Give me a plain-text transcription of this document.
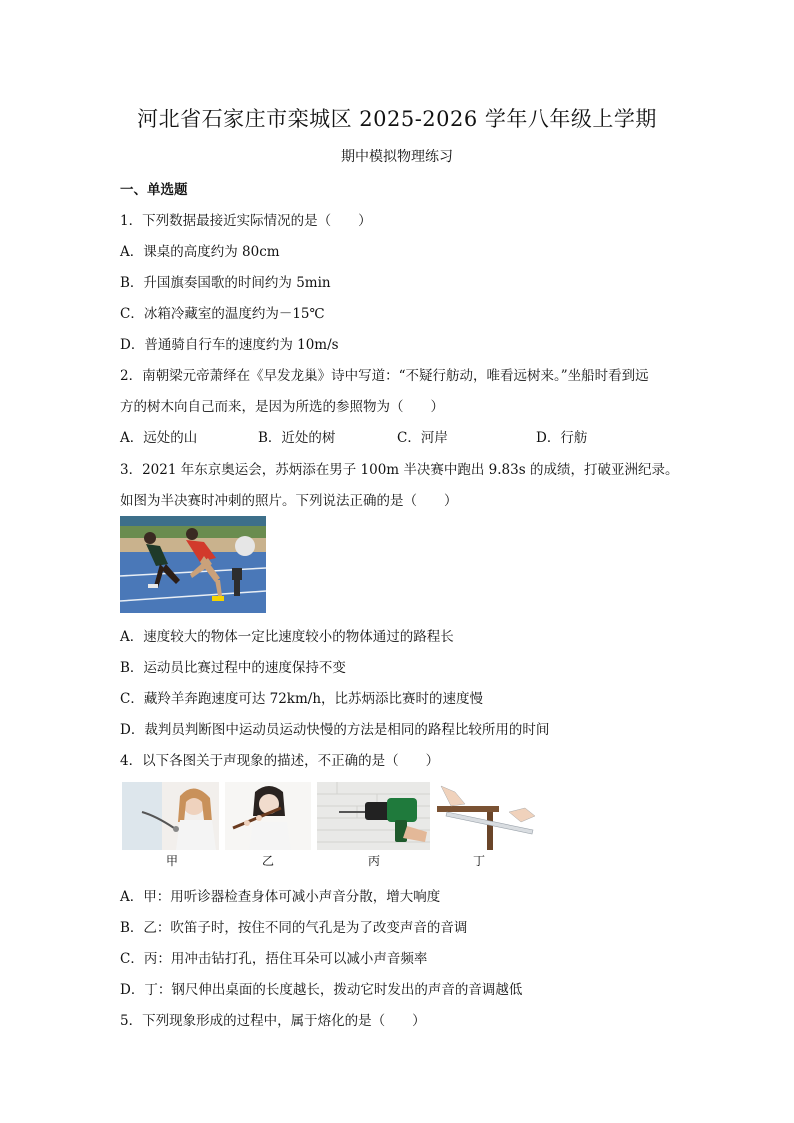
河北省石家庄市栾城区 2025-2026 学年八年级上学期
期中模拟物理练习
一、单选题
1．下列数据最接近实际情况的是（　　）
A．课桌的高度约为 80cm
B．升国旗奏国歌的时间约为 5min
C．冰箱冷藏室的温度约为－15℃
D．普通骑自行车的速度约为 10m/s
2．南朝梁元帝萧绎在《早发龙巢》诗中写道：“不疑行舫动，唯看远树来。”坐船时看到远
方的树木向自己而来，是因为所选的参照物为（　　）
A．远处的山	B．近处的树	C．河岸	D．行舫
3．2021 年东京奥运会，苏炳添在男子 100m 半决赛中跑出 9.83s 的成绩，打破亚洲纪录。
如图为半决赛时冲刺的照片。下列说法正确的是（　　）
A．速度较大的物体一定比速度较小的物体通过的路程长
B．运动员比赛过程中的速度保持不变
C．藏羚羊奔跑速度可达 72km/h，比苏炳添比赛时的速度慢
D．裁判员判断图中运动员运动快慢的方法是相同的路程比较所用的时间
4．以下各图关于声现象的描述，不正确的是（　　）
甲	乙	丙	丁
A．甲：用听诊器检查身体可减小声音分散，增大响度
B．乙：吹笛子时，按住不同的气孔是为了改变声音的音调
C．丙：用冲击钻打孔，捂住耳朵可以减小声音频率
D．丁：钢尺伸出桌面的长度越长，拨动它时发出的声音的音调越低
5．下列现象形成的过程中，属于熔化的是（　　）
